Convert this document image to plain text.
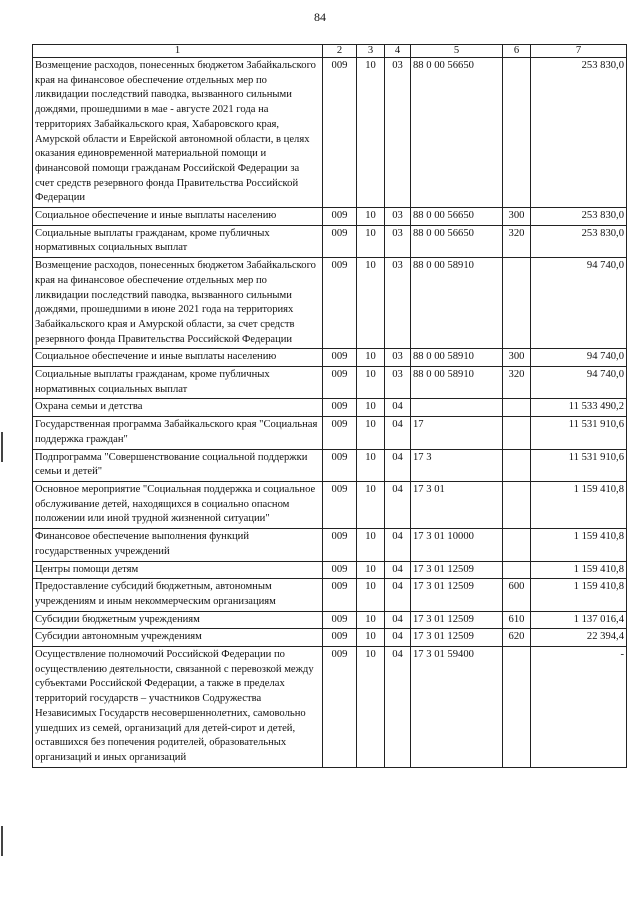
84
1	2	3	4	5	6	7
Возмещение расходов, понесенных бюджетом Забайкальского края на финансовое обеспечение отдельных мер по ликвидации последствий паводка, вызванного сильными дождями, прошедшими в мае - августе 2021 года на территориях Забайкальского края, Хабаровского края, Амурской области и Еврейской автономной области, в целях оказания единовременной материальной помощи и финансовой помощи гражданам Российской Федерации за счет средств резервного фонда Правительства Российской Федерации	009	10	03	88 0 00 56650		253 830,0
Социальное обеспечение и иные выплаты населению	009	10	03	88 0 00 56650	300	253 830,0
Социальные выплаты гражданам, кроме публичных нормативных социальных выплат	009	10	03	88 0 00 56650	320	253 830,0
Возмещение расходов, понесенных бюджетом Забайкальского края на финансовое обеспечение отдельных мер по ликвидации последствий паводка, вызванного сильными дождями, прошедшими в июне 2021 года на территориях Забайкальского края и Амурской области, за счет средств резервного фонда Правительства Российской Федерации	009	10	03	88 0 00 58910		94 740,0
Социальное обеспечение и иные выплаты населению	009	10	03	88 0 00 58910	300	94 740,0
Социальные выплаты гражданам, кроме публичных нормативных социальных выплат	009	10	03	88 0 00 58910	320	94 740,0
Охрана семьи и детства	009	10	04			11 533 490,2
Государственная программа Забайкальского края "Социальная поддержка граждан"	009	10	04	17		11 531 910,6
Подпрограмма "Совершенствование социальной поддержки семьи и детей"	009	10	04	17 3		11 531 910,6
Основное мероприятие "Социальная поддержка и социальное обслуживание детей, находящихся в социально опасном положении или иной трудной жизненной ситуации"	009	10	04	17 3 01		1 159 410,8
Финансовое обеспечение выполнения функций государственных учреждений	009	10	04	17 3 01 10000		1 159 410,8
Центры помощи детям	009	10	04	17 3 01 12509		1 159 410,8
Предоставление субсидий бюджетным, автономным учреждениям и иным некоммерческим организациям	009	10	04	17 3 01 12509	600	1 159 410,8
Субсидии бюджетным учреждениям	009	10	04	17 3 01 12509	610	1 137 016,4
Субсидии автономным учреждениям	009	10	04	17 3 01 12509	620	22 394,4
Осуществление полномочий Российской Федерации по осуществлению деятельности, связанной с перевозкой между субъектами Российской Федерации, а также в пределах территорий государств – участников Содружества Независимых Государств несовершеннолетних, самовольно ушедших из семей, организаций для детей-сирот и детей, оставшихся без попечения родителей, образовательных организаций и иных организаций	009	10	04	17 3 01 59400		-
